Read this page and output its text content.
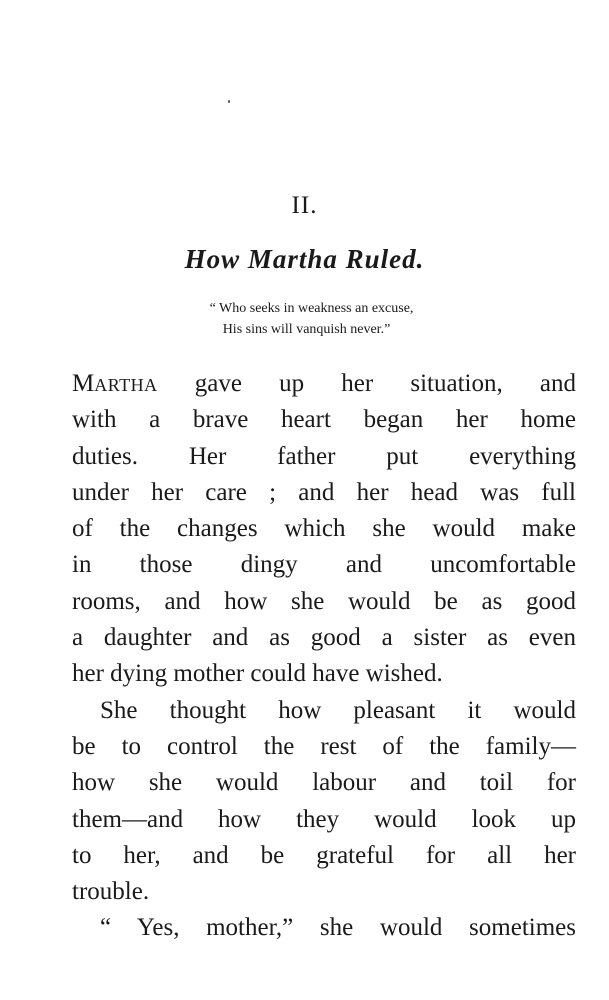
II.
How Martha Ruled.
“ Who seeks in weakness an excuse,
His sins will vanquish never.”
MARTHA gave up her situation, and
with a brave heart began her home
duties. Her father put everything
under her care ; and her head was full
of the changes which she would make
in those dingy and uncomfortable
rooms, and how she would be as good
a daughter and as good a sister as even
her dying mother could have wished.
She thought how pleasant it would
be to control the rest of the family—
how she would labour and toil for
them—and how they would look up
to her, and be grateful for all her
trouble.
“ Yes, mother,” she would sometimes
